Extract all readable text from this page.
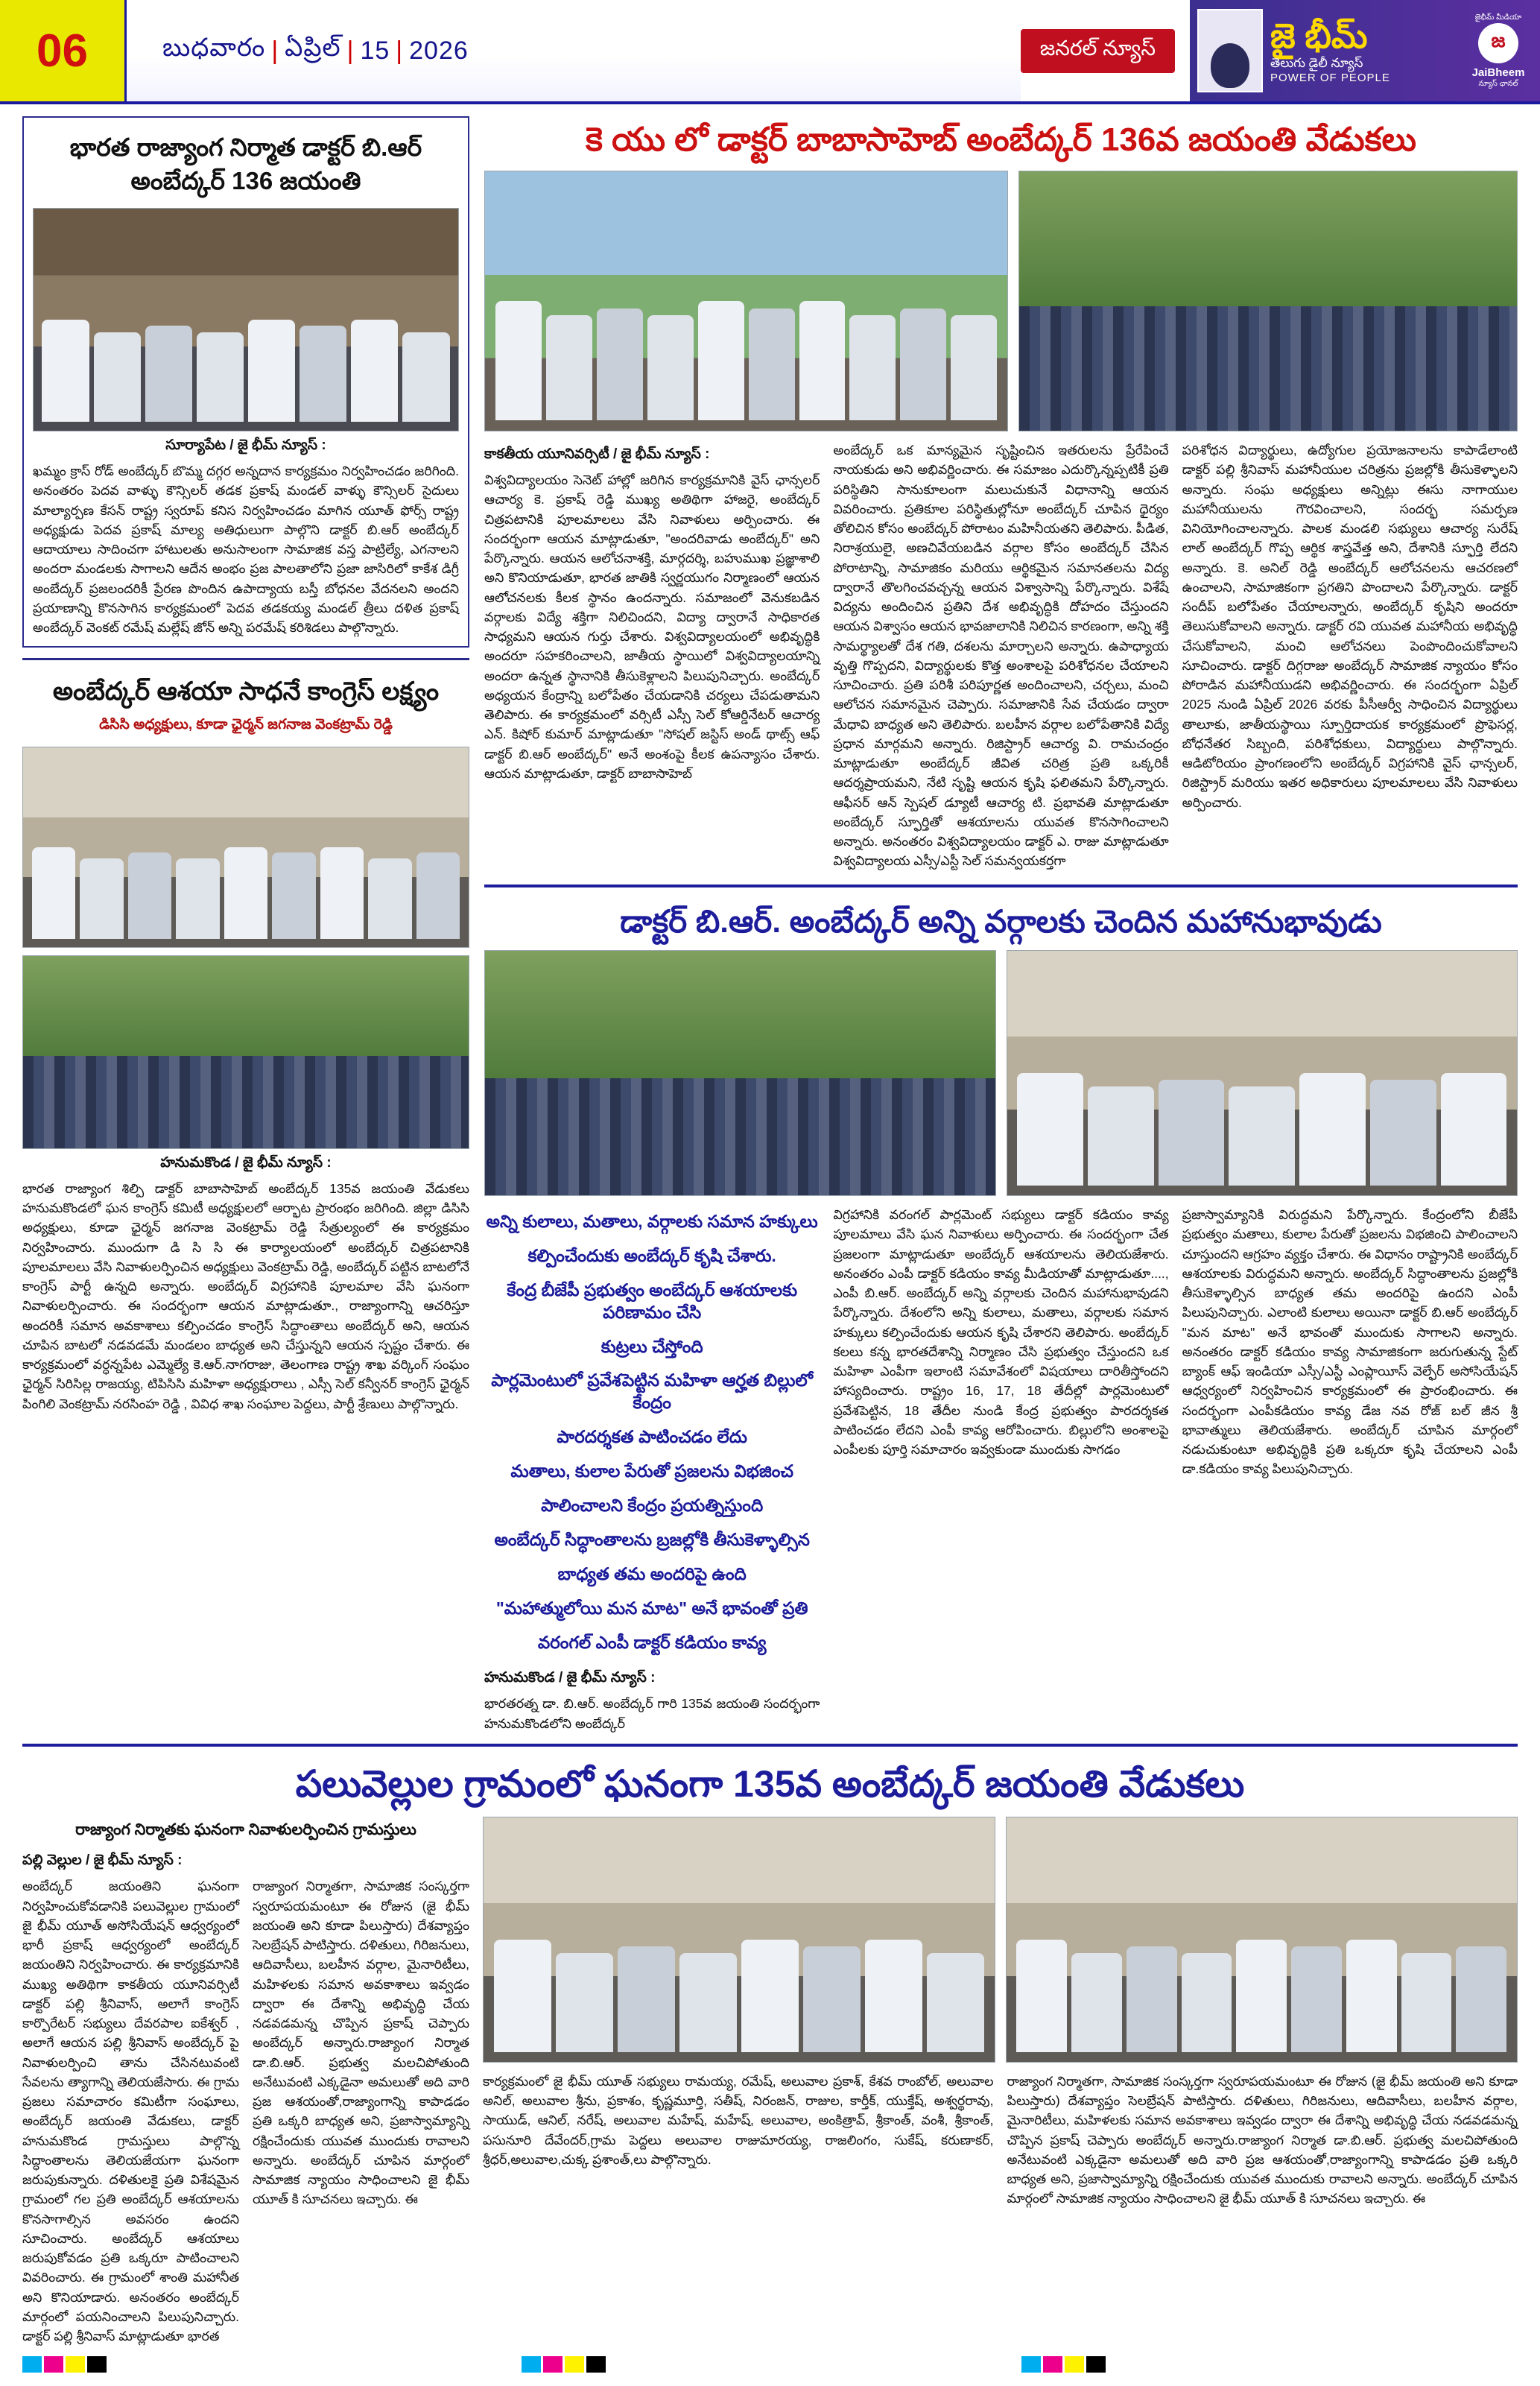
06	బుధవారం | ఏప్రిల్ | 15 | 2026	జనరల్ న్యూస్	జై భీమ్
తెలుగు డైలీ న్యూస్
POWER OF PEOPLE
జైభీమ్ మీడియా
జ
JaiBheem
న్యూస్ ఛానల్
భారత రాజ్యాంగ నిర్మాత డాక్టర్ బి.ఆర్ అంబేద్కర్ 136 జయంతి
సూర్యాపేట / జై భీమ్ న్యూస్ :
ఖమ్మం క్రాస్ రోడ్ అంబేద్కర్ బొమ్మ దగ్గర అన్నదాన కార్యక్రమం నిర్వహించడం జరిగింది. అనంతరం పెదవ వాళ్ళు కౌన్సిలర్ తడక ప్రకాష్ మండల్ వాళ్ళు కౌన్సిలర్ సైదులు మాల్యార్పణ కేసన్ రాష్ట్ర స్వరూప్ కనిస నిర్వహించడం మాగిన యూత్ ఫోర్స్ రాష్ట్ర అధ్యక్షుడు పెదవ ప్రకాష్ మాల్య అతిధులుగా పాల్గొని డాక్టర్ బి.ఆర్ అంబేద్కర్ ఆదాయాలు సాదించగా హాటులతు అనుసాలంగా సామాజిక వస్త పాట్రిల్యే, ఎగనాలని అందరా మండలకు సాగాలని ఆదేన అంభం ప్రజ పాలతాలోని ప్రజా జాసిరిలో కాకేశ డిగ్రీ అంబేద్కర్ ప్రజలందరికీ ప్రేరణ పొందిన ఉపాద్యాయ బస్తీ బోధనల వేదనలని అందని ప్రయాణాన్ని కొనసాగిన కార్యక్రమంలో పెదవ తడకయ్య మండల్ త్రీలు దళిత ప్రకాష్ అంబేద్కర్ వెంకట్ రమేష్ మల్లేష్ జోన్ అన్ని పరమేష్ కరిశిడలు పాల్గొన్నారు.
అంబేద్కర్ ఆశయా సాధనే కాంగ్రెస్ లక్ష్యం
డిసిసి అధ్యక్షులు, కూడా ఛైర్మన్ జగనాజ వెంకట్రామ్ రెడ్డి
హనుమకొండ / జై భీమ్ న్యూస్ :
భారత రాజ్యాంగ శిల్పి డాక్టర్ బాబాసాహెబ్ అంబేద్కర్ 135వ జయంతి వేడుకలు హనుమకొండలో ఘన కాంగ్రెస్ కమిటీ అధ్యక్షులలో ఆర్భాట ప్రారంభం జరిగింది. జిల్లా డిసిసి అధ్యక్షులు, కూడా ఛైర్మన్ జగనాజ వెంకట్రామ్ రెడ్డి సేత్రుల్యంలో ఈ కార్యక్రమం నిర్వహించారు. ముందుగా డి సి సి ఈ కార్యాలయంలో అంబేద్కర్ చిత్రపటానికి పూలమాలలు వేసి నివాళులర్పించిన అధ్యక్షులు వెంకట్రామ్ రెడ్డి, అంబేద్కర్ పట్టిన బాటలోనే కాంగ్రెస్ పార్టీ ఉన్నది అన్నారు. అంబేద్కర్ విగ్రహానికి పూలమాల వేసి ఘనంగా నివాళులర్పించారు. ఈ సందర్భంగా ఆయన మాట్లాడుతూ., రాజ్యాంగాన్ని ఆచరిస్తూ అందరికీ సమాన అవకాశాలు కల్పించడం కాంగ్రెస్ సిద్ధాంతాలు అంబేద్కర్ అని, ఆయన చూపిన బాటలో నడవడమే మండలం బాధ్యత అని చేస్తున్నని ఆయన స్పష్టం చేశారు. ఈ కార్యక్రమంలో వర్ధన్నపేట ఎమ్మెల్యే కె.ఆర్.నాగరాజు, తెలంగాణ రాష్ట్ర శాఖ వర్కింగ్ సంఘం ఛైర్మన్ సిరిసిల్ల రాజయ్య, టిపిసిసి మహిళా అధ్యక్షురాలు , ఎస్సీ సెల్ కన్వీనర్ కాంగ్రెస్ ఛైర్మన్ పింగిలి వెంకట్రామ్ నరసింహ రెడ్డి , వివిధ శాఖ సంఘాల పెద్దలు, పార్టీ శ్రేణులు పాల్గొన్నారు.
కె యు లో డాక్టర్ బాబాసాహెబ్ అంబేద్కర్ 136వ జయంతి వేడుకలు
కాకతీయ యూనివర్సిటీ / జై భీమ్ న్యూస్ :
విశ్వవిద్యాలయం సెనెట్ హాల్లో జరిగిన కార్యక్రమానికి వైస్ ఛాన్సలర్ ఆచార్య కె. ప్రకాష్ రెడ్డి ముఖ్య అతిథిగా హాజరై, అంబేద్కర్ చిత్రపటానికి పూలమాలలు వేసి నివాళులు అర్పించారు. ఈ సందర్భంగా ఆయన మాట్లాడుతూ, "అందరివాడు అంబేద్కర్" అని పేర్కొన్నారు. ఆయన ఆలోచనాశక్తి, మార్గదర్శి, బహుముఖ ప్రజ్ఞాశాలి అని కొనియాడుతూ, భారత జాతికి స్వర్ణయుగం నిర్మాణంలో ఆయన ఆలోచనలకు కీలక స్థానం ఉందన్నారు. సమాజంలో వెనుకబడిన వర్గాలకు విద్యే శక్తిగా నిలిచిందని, విద్యా ద్వారానే సాధికారత సాధ్యమని ఆయన గుర్తు చేశారు. విశ్వవిద్యాలయంలో అభివృద్ధికి అందరూ సహకరించాలని, జాతీయ స్థాయిలో విశ్వవిద్యాలయాన్ని అందరా ఉన్నత స్థానానికి తీసుకెళ్లాలని పిలుపునిచ్చారు. అంబేద్కర్ అధ్యయన కేంద్రాన్ని బలోపేతం చేయడానికి చర్యలు చేపడుతామని తెలిపారు. ఈ కార్యక్రమంలో వర్సిటీ ఎస్సీ సెల్ కోఆర్డినేటర్ ఆచార్య ఎన్. కిషోర్ కుమార్ మాట్లాడుతూ "సోషల్ జస్టిస్ అండ్ థాట్స్ ఆఫ్ డాక్టర్ బి.ఆర్ అంబేద్కర్" అనే అంశంపై కీలక ఉపన్యాసం చేశారు. ఆయన మాట్లాడుతూ, డాక్టర్ బాబాసాహెబ్
అంబేద్కర్ ఒక మాన్యమైన సృష్టించిన ఇతరులను ప్రేరేపించే నాయకుడు అని అభివర్ణించారు. ఈ సమాజం ఎదుర్కొన్నప్పటికీ ప్రతి పరిస్థితిని సానుకూలంగా మలుచుకునే విధానాన్ని ఆయన వివరించారు. ప్రతికూల పరిస్థితుల్లోనూ అంబేద్కర్ చూపిన ధైర్యం తోలిచిన కోసం అంబేద్కర్ పోరాటం మహినీయతని తెలిపారు. పీడిత, నిరాశ్రయులై, అణచివేయబడిన వర్గాల కోసం అంబేద్కర్ చేసిన పోరాటాన్ని, సామాజికం మరియు ఆర్థికమైన సమానతలను విద్య ద్వారానే తొలగించవచ్చన్న ఆయన విశ్వాసాన్ని పేర్కొన్నారు. విశేషే విద్యను అందించిన ప్రతిని దేశ అభివృద్ధికి దోహదం చేస్తుందని ఆయన విశ్వాసం ఆయన భావజాలానికి నిలిచిన కారణంగా, అన్ని శక్తి సామర్థ్యాలతో దేశ గతి, దశలను మార్చాలని అన్నారు. ఉపాధ్యాయ వృత్తి గొప్పదని, విద్యార్థులకు కొత్త అంశాలపై పరిశోధనల చేయాలని సూచించారు. ప్రతి పరిశీ పరిపూర్ణత అందించాలని, చర్చలు, మంచి ఆలోచన సమానమైన చెప్పారు. సమాజానికి సేవ చేయడం ద్వారా మేధావి బాధ్యత అని తెలిపారు. బలహీన వర్గాల బలోపేతానికి విద్యే ప్రధాన మార్గమని అన్నారు. రిజిస్ట్రార్ ఆచార్య వి. రామచంద్రం మాట్లాడుతూ అంబేద్కర్ జీవిత చరిత్ర ప్రతి ఒక్కరికీ ఆదర్శప్రాయమని, నేటి సృష్టి ఆయన కృషి ఫలితమని పేర్కొన్నారు. ఆఫీసర్ ఆన్ స్పెషల్ డ్యూటీ ఆచార్య టి. ప్రభావతి మాట్లాడుతూ అంబేద్కర్ స్ఫూర్తితో ఆశయాలను యువత కొనసాగించాలని అన్నారు. అనంతరం విశ్వవిద్యాలయం డాక్టర్ ఎ. రాజు మాట్లాడుతూ విశ్వవిద్యాలయ ఎస్సీ/ఎస్టీ సెల్ సమన్వయకర్తగా
పరిశోధన విద్యార్థులు, ఉద్యోగుల ప్రయోజనాలను కాపాడేలాంటి డాక్టర్ పల్లి శ్రీనివాస్ మహానీయుల చరిత్రను ప్రజల్లోకి తీసుకెళ్ళాలని అన్నారు. సంఘ అధ్యక్షులు అన్నిట్లు ఈసు నాగాయుల మహానీయులను గౌరవించాలని, సందర్భ సమర్పణ వినియోగించాలన్నారు. పాలక మండలి సభ్యులు ఆచార్య సురేష్ లాల్ అంబేద్కర్ గొప్ప ఆర్థిక శాస్త్రవేత్త అని, దేశానికి స్ఫూర్తి లేదని అన్నారు. కె. అనిల్ రెడ్డి అంబేద్కర్ ఆలోచనలను ఆచరణలో ఉంచాలని, సామాజికంగా ప్రగతిని పొందాలని పేర్కొన్నారు. డాక్టర్ సందీప్ బలోపేతం చేయాలన్నారు, అంబేద్కర్ కృషిని అందరూ తెలుసుకోవాలని అన్నారు. డాక్టర్ రవి యువత మహానీయ అభివృద్ధి చేసుకోవాలని, మంచి ఆలోచనలు పెంపొందించుకోవాలని సూచించారు. డాక్టర్ దిగ్గరాజు అంబేద్కర్ సామాజిక న్యాయం కోసం పోరాడిన మహానీయుడని అభివర్ణించారు. ఈ సందర్భంగా ఏప్రిల్ 2025 నుండి ఏప్రిల్ 2026 వరకు పీసీఆర్వీ సాధించిన విద్యార్థులు తాలూకు, జాతీయస్థాయి స్పూర్తిదాయక కార్యక్రమంలో ప్రొఫెసర్ల, బోధనేతర సిబ్బంది, పరిశోధకులు, విద్యార్థులు పాల్గొన్నారు. ఆడిటోరియం ప్రాంగణంలోని అంబేద్కర్ విగ్రహానికి వైస్ ఛాన్సలర్, రిజిస్ట్రార్ మరియు ఇతర అధికారులు పూలమాలలు వేసి నివాళులు అర్పించారు.
డాక్టర్ బి.ఆర్. అంబేద్కర్ అన్ని వర్గాలకు చెందిన మహానుభావుడు
అన్ని కులాలు, మతాలు, వర్గాలకు సమాన హక్కులు
కల్పించేందుకు అంబేద్కర్ కృషి చేశారు.
కేంద్ర బీజేపీ ప్రభుత్వం అంబేద్కర్ ఆశయాలకు పరిణామం చేసి
కుట్రలు చేస్తోంది
పార్లమెంటులో ప్రవేశపెట్టిన మహిళా ఆర్హత బిల్లులో కేంద్రం
పారదర్శకత పాటించడం లేదు
మతాలు, కులాల పేరుతో ప్రజలను విభజించ
పాలించాలని కేంద్రం ప్రయత్నిస్తుంది
అంబేద్కర్ సిద్ధాంతాలను బ్రజల్లోకి తీసుకెళ్ళాల్సిన
బాధ్యత తమ అందరిపై ఉంది
"మహాత్ములోయి మన మాట" అనే భావంతో ప్రతి
వరంగల్ ఎంపీ డాక్టర్ కడియం కావ్య
హనుమకొండ / జై భీమ్ న్యూస్ :
భారతరత్న డా. బి.ఆర్. అంబేద్కర్ గారి 135వ జయంతి సందర్భంగా హనుమకొండలోని అంబేద్కర్
విగ్రహానికి వరంగల్ పార్లమెంట్ సభ్యులు డాక్టర్ కడియం కావ్య పూలమాలు వేసి ఘన నివాళులు అర్పించారు. ఈ సందర్భంగా చేత ప్రజలంగా మాట్లాడుతూ అంబేద్కర్ ఆశయాలను తెలియజేశారు. అనంతరం ఎంపీ డాక్టర్ కడియం కావ్య మీడియాతో మాట్లాడుతూ...., ఎంపీ బి.ఆర్. అంబేద్కర్ అన్ని వర్గాలకు చెందిన మహానుభావుడని పేర్కొన్నారు. దేశంలోని అన్ని కులాలు, మతాలు, వర్గాలకు సమాన హక్కులు కల్పించేందుకు ఆయన కృషి చేశారని తెలిపారు. అంబేద్కర్ కలలు కన్న భారతదేశాన్ని నిర్మాణం చేసి ప్రభుత్వం చేస్తుందని ఒక మహిళా ఎంపీగా ఇలాంటి సమావేశంలో విషయాలు దారితీస్తోందని హాస్యదించారు. రాష్ట్రం 16, 17, 18 తేదీల్లో పార్లమెంటులో ప్రవేశపెట్టిన, 18 తేదీల నుండి కేంద్ర ప్రభుత్వం పారదర్శకత పాటించడం లేదని ఎంపీ కావ్య ఆరోపించారు. బిల్లులోని అంశాలపై ఎంపీలకు పూర్తి సమాచారం ఇవ్వకుండా ముందుకు సాగడం
ప్రజాస్వామ్యానికి విరుద్ధమని పేర్కొన్నారు. కేంద్రంలోని బీజేపీ ప్రభుత్వం మతాలు, కులాల పేరుతో ప్రజలను విభజించి పాలించాలని చూస్తుందని ఆగ్రహం వ్యక్తం చేశారు. ఈ విధానం రాష్ట్రానికి అంబేద్కర్ ఆశయాలకు విరుద్ధమని అన్నారు. అంబేద్కర్ సిద్ధాంతాలను ప్రజల్లోకి తీసుకెళ్ళాల్సిన బాధ్యత తమ అందరిపై ఉందని ఎంపీ పిలుపునిచ్చారు. ఎలాంటి కులాలు అయినా డాక్టర్ బి.ఆర్ అంబేద్కర్ "మన మాట" అనే భావంతో ముందుకు సాగాలని అన్నారు. అనంతరం డాక్టర్ కడియం కావ్య సామాజికంగా జరుగుతున్న స్టేట్ బ్యాంక్ ఆఫ్ ఇండియా ఎస్సీ/ఎస్టీ ఎంప్లాయీస్ వెల్ఫేర్ అసోసియేషన్ ఆధ్వర్యంలో నిర్వహించిన కార్యక్రమంలో ఈ ప్రారంభించారు. ఈ సందర్భంగా ఎంపీకడియం కావ్య డేజ నవ రోజ్ బల్ జీన శ్రీ భావాత్ములు తెలియజేశారు. అంబేద్కర్ చూపిన మార్గంలో నడుచుకుంటూ అభివృద్ధికి ప్రతి ఒక్కరూ కృషి చేయాలని ఎంపీ డా.కడియం కావ్య పిలుపునిచ్చారు.
పలువెల్లుల గ్రామంలో ఘనంగా 135వ అంబేద్కర్ జయంతి వేడుకలు
రాజ్యాంగ నిర్మాతకు ఘనంగా నివాళులర్పించిన గ్రామస్తులు
పల్లి వెల్లుల / జై భీమ్ న్యూస్ :
అంబేద్కర్ జయంతిని ఘనంగా నిర్వహించుకోవడానికి పలువెల్లుల గ్రామంలో జై భీమ్ యూత్ అసోసియేషన్ ఆధ్వర్యంలో భారీ ప్రకాష్ ఆధ్వర్యంలో అంబేద్కర్ జయంతిని నిర్వహించారు. ఈ కార్యక్రమానికి ముఖ్య అతిథిగా కాకతీయ యూనివర్సిటీ డాక్టర్ పల్లి శ్రీనివాస్, అలాగే కాంగ్రెస్ కార్పొరేటర్ సభ్యులు దేవరపాల ఐకేశ్వర్ , అలాగే ఆయన పల్లి శ్రీనివాస్ అంబేద్కర్ పై నివాళులర్పించి తాను చేసినటువంటి సేవలను త్యాగాన్ని తెలియజేసారు. ఈ గ్రామ ప్రజలు సమాచారం కమిటీగా సంఘాలు, అంబేద్కర్ జయంతి వేడుకలు, డాక్టర్ హనుమకొండ గ్రామస్తులు పాల్గొన్న సిద్ధాంతాలను తెలియజేయగా ఘనంగా జరుపుకున్నారు. దళితులకై ప్రతి విశేషమైన గ్రామంలో గల ప్రతి అంబేద్కర్ ఆశయాలను కొనసాగాల్సిన అవసరం ఉందని సూచించారు. అంబేద్కర్ ఆశయాలు జరుపుకోవడం ప్రతి ఒక్కరూ పాటించాలని వివరించారు. ఈ గ్రామంలో శాంతి మహానీత అని కొనియాడారు. అనంతరం అంబేద్కర్ మార్గంలో పయనించాలని పిలుపునిచ్చారు. డాక్టర్ పల్లి శ్రీనివాస్ మాట్లాడుతూ భారత
రాజ్యాంగ నిర్మాతగా, సామాజిక సంస్కర్తగా స్వరూపయమంటూ ఈ రోజున (జై భీమ్ జయంతి అని కూడా పిలుస్తారు) దేశవ్యాప్తం సెలబ్రేషన్ పాటిస్తారు. దళితులు, గిరిజనులు, ఆదివాసీలు, బలహీన వర్గాల, మైనారిటీలు, మహిళలకు సమాన అవకాశాలు ఇవ్వడం ద్వారా ఈ దేశాన్ని అభివృద్ధి చేయ నడవడమన్న చొప్పిన ప్రకాష్ చెప్పారు అంబేద్కర్ అన్నారు.రాజ్యాంగ నిర్మాత డా.బి.ఆర్. ప్రభుత్వ మలచిపోతుంది అనేటువంటి ఎక్కడైనా అమలుతో అది వారి ప్రజ ఆశయంతో,రాజ్యాంగాన్ని కాపాడడం ప్రతి ఒక్కరి బాధ్యత అని, ప్రజాస్వామ్యాన్ని రక్షించేందుకు యువత ముందుకు రావాలని అన్నారు. అంబేద్కర్ చూపిన మార్గంలో సామాజిక న్యాయం సాధించాలని జై భీమ్ యూత్ కి సూచనలు ఇచ్చారు. ఈ
కార్యక్రమంలో జై భీమ్ యూత్ సభ్యులు రామయ్య, రమేష్, అలువాల ప్రకాశ్, కేశవ రాంబోల్, అలువాల అనిల్, అలువాల శ్రీను, ప్రకాశం, కృష్ణమూర్తి, సతీష్, నిరంజన్, రాజుల, కార్తీక్, యుక్తేష్, అశ్వర్థరావు, సాయుడ్, ఆనిల్, నరేష్, అలువాల మహేష్, మహేష్, అలువాల, అంకిత్రావ్, శ్రీకాంత్, వంశీ, శ్రీకాంత్, పసునూరి దేవేందర్,గ్రామ పెద్దలు అలువాల రాజుమారయ్య, రాజలింగం, సుకేష్, కరుణాకర్, శ్రీధర్,అలువాల,చుక్క ప్రశాంత్,లు పాల్గొన్నారు.
రాజ్యాంగ నిర్మాతగా, సామాజిక సంస్కర్తగా స్వరూపయమంటూ ఈ రోజున (జై భీమ్ జయంతి అని కూడా పిలుస్తారు) దేశవ్యాప్తం సెలబ్రేషన్ పాటిస్తారు. దళితులు, గిరిజనులు, ఆదివాసీలు, బలహీన వర్గాల, మైనారిటీలు, మహిళలకు సమాన అవకాశాలు ఇవ్వడం ద్వారా ఈ దేశాన్ని అభివృద్ధి చేయ నడవడమన్న చొప్పిన ప్రకాష్ చెప్పారు అంబేద్కర్ అన్నారు.రాజ్యాంగ నిర్మాత డా.బి.ఆర్. ప్రభుత్వ మలచిపోతుంది అనేటువంటి ఎక్కడైనా అమలుతో అది వారి ప్రజ ఆశయంతో,రాజ్యాంగాన్ని కాపాడడం ప్రతి ఒక్కరి బాధ్యత అని, ప్రజాస్వామ్యాన్ని రక్షించేందుకు యువత ముందుకు రావాలని అన్నారు. అంబేద్కర్ చూపిన మార్గంలో సామాజిక న్యాయం సాధించాలని జై భీమ్ యూత్ కి సూచనలు ఇచ్చారు. ఈ
